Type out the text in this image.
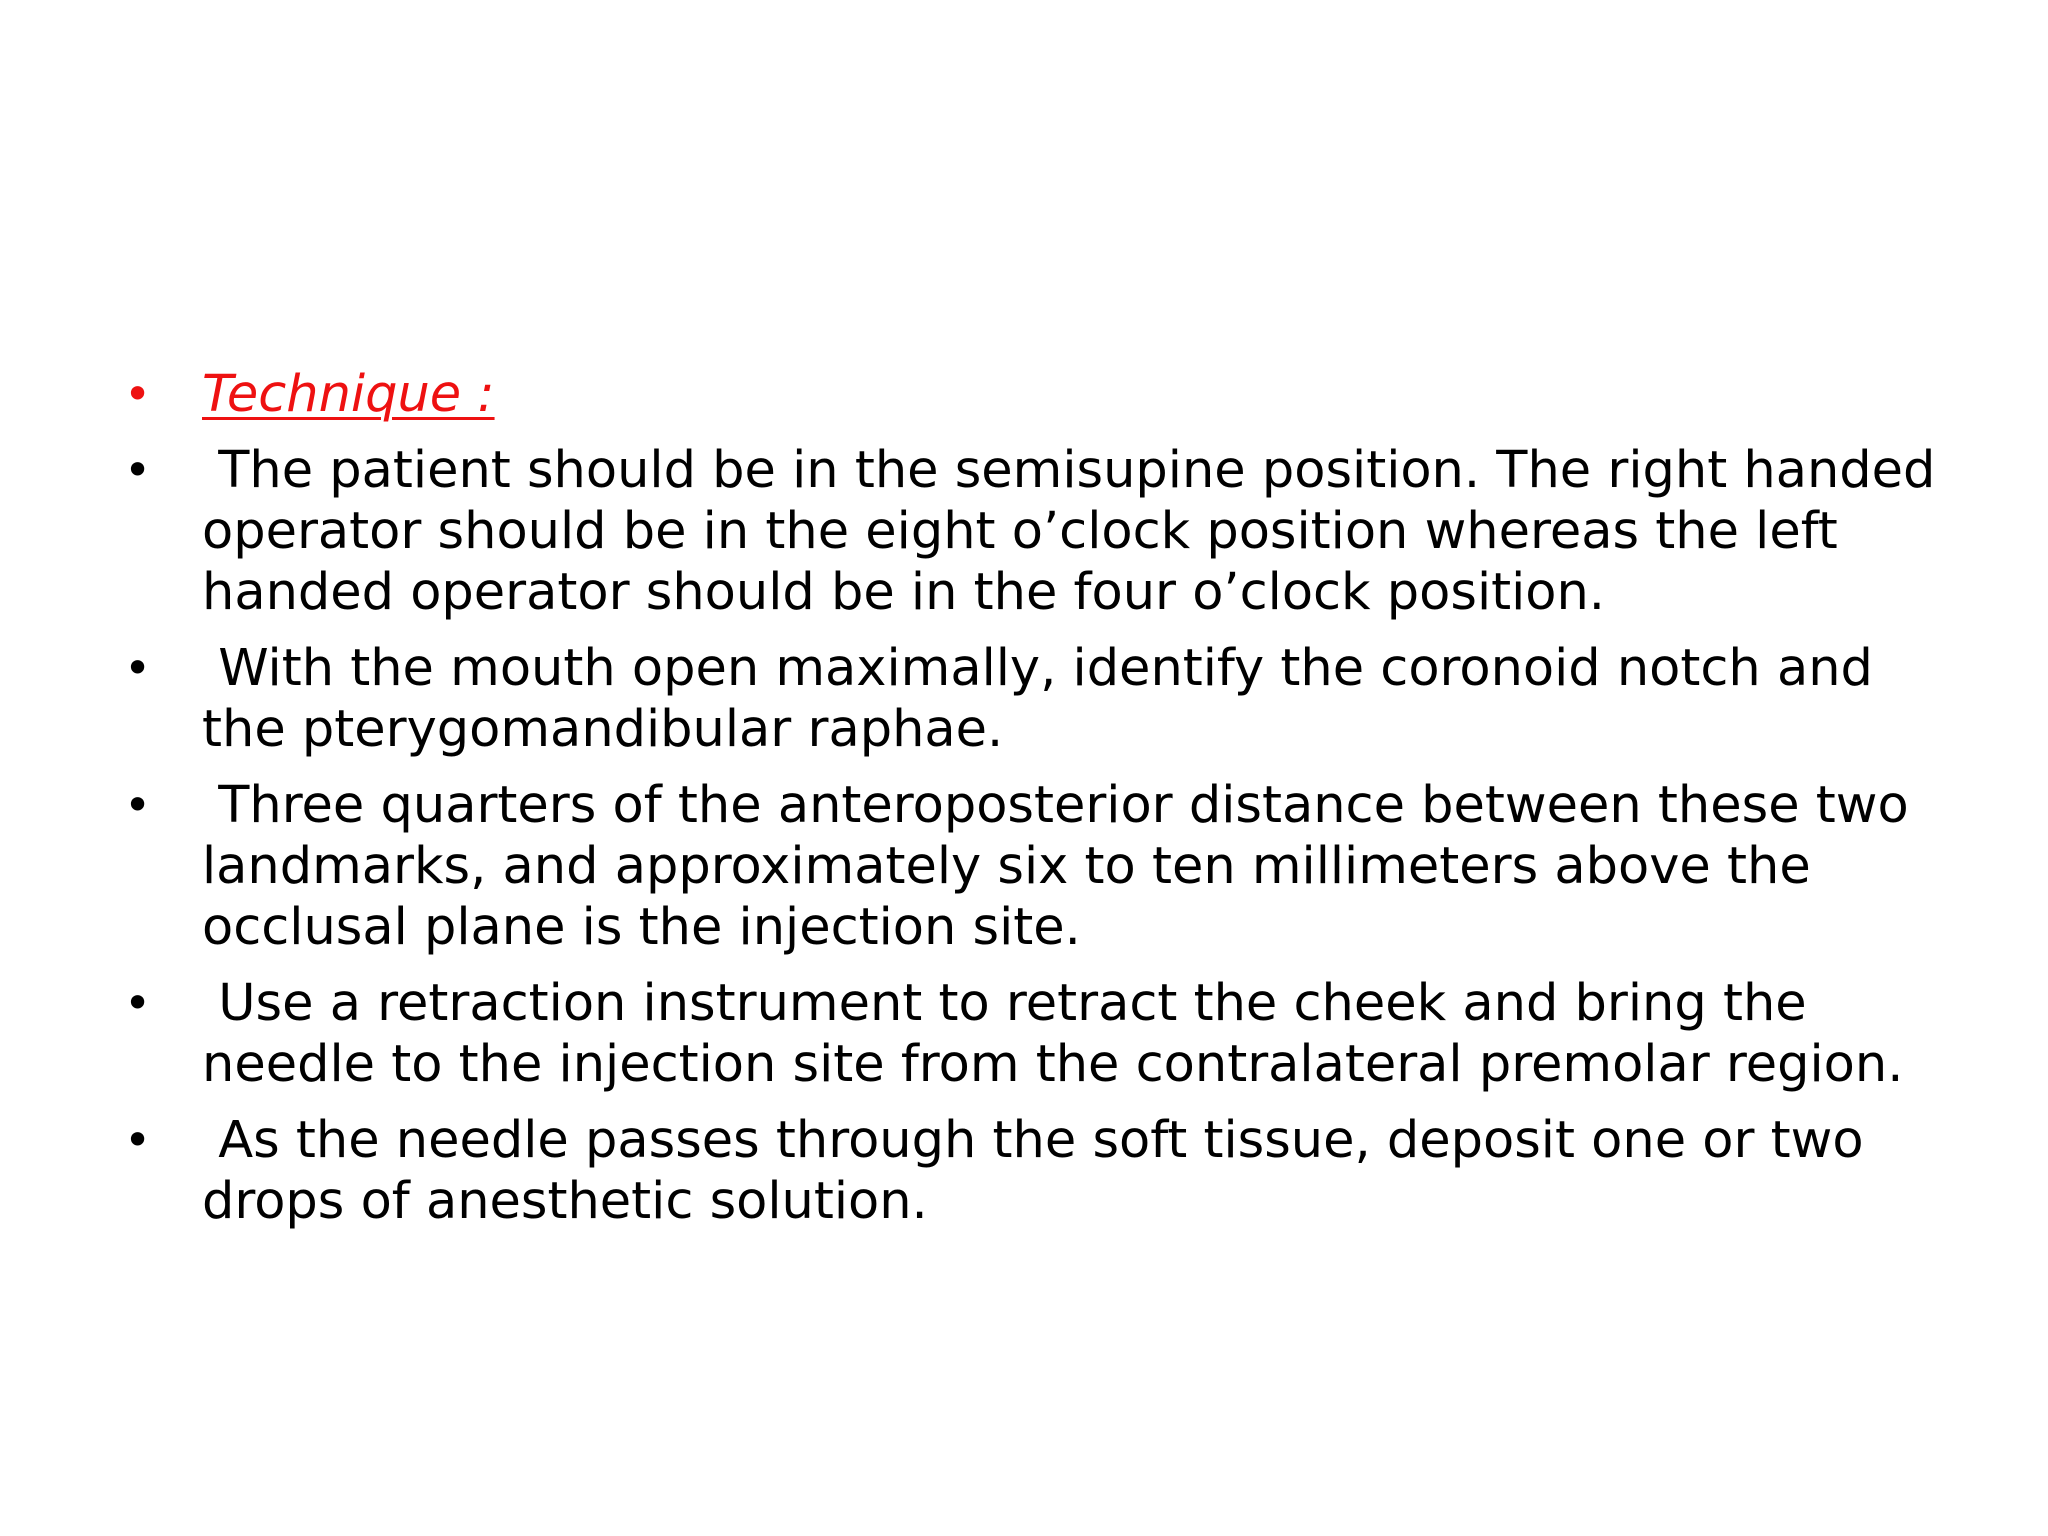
• Technique :
• The patient should be in the semisupine position. The right handed
operator should be in the eight o’clock position whereas the left
handed operator should be in the four o’clock position.
• With the mouth open maximally, identify the coronoid notch and
the pterygomandibular raphae.
• Three quarters of the anteroposterior distance between these two
landmarks, and approximately six to ten millimeters above the
occlusal plane is the injection site.
• Use a retraction instrument to retract the cheek and bring the
needle to the injection site from the contralateral premolar region.
• As the needle passes through the soft tissue, deposit one or two
drops of anesthetic solution.
